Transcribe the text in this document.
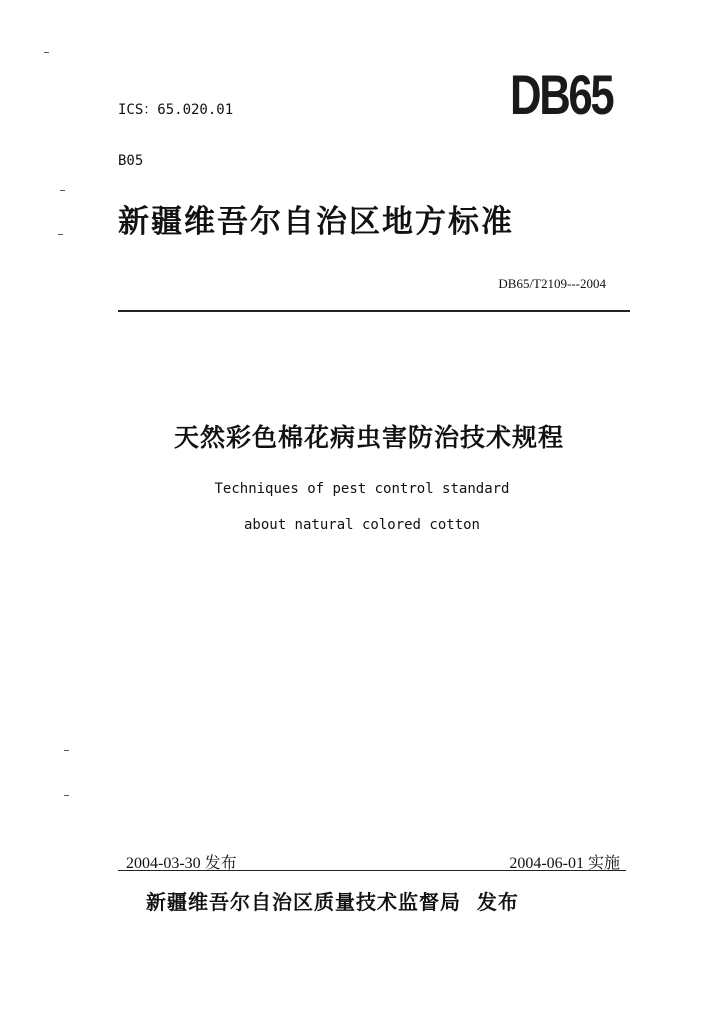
ICS：65.020.01

B05

DB65
新疆维吾尔自治区地方标准
DB65/T2109---2004
天然彩色棉花病虫害防治技术规程
Techniques of pest control standard
about natural colored cotton
2004-03-30 发布	2004-06-01 实施
新疆维吾尔自治区质量技术监督局  发布
